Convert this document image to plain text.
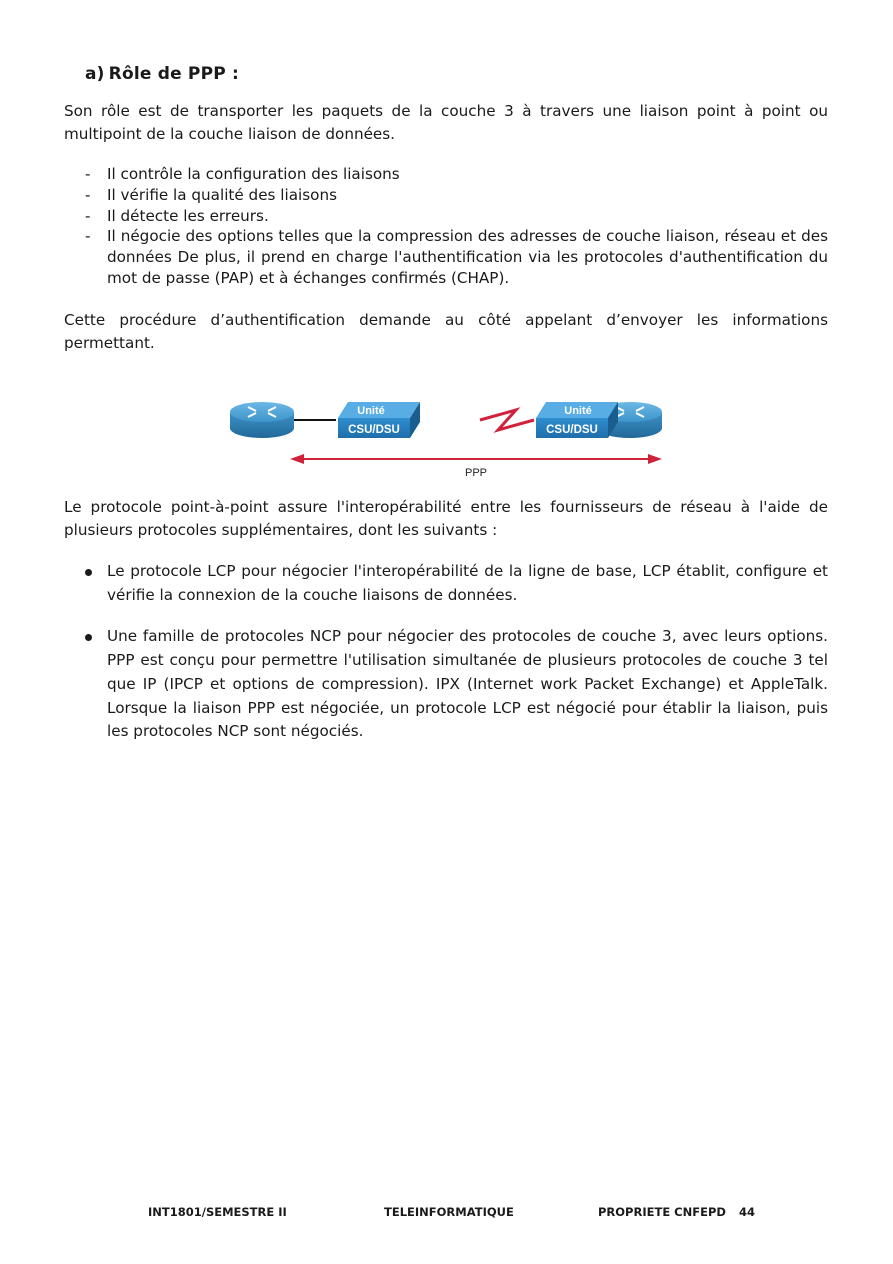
a) Rôle de PPP :
Son rôle est de transporter les paquets de la couche 3 à travers une liaison point à point ou multipoint de la couche liaison de données.
- Il contrôle la configuration des liaisons
- Il vérifie la qualité des liaisons
- Il détecte les erreurs.
- Il négocie des options telles que la compression des adresses de couche liaison, réseau et des données De plus, il prend en charge l'authentification via les protocoles d'authentification du mot de passe (PAP) et à échanges confirmés (CHAP).
Cette procédure d’authentification demande au côté appelant d’envoyer les informations permettant.
Unité
CSU/DSU
Unité
CSU/DSU
PPP
Le protocole point-à-point assure l'interopérabilité entre les fournisseurs de réseau à l'aide de plusieurs protocoles supplémentaires, dont les suivants :
Le protocole LCP pour négocier l'interopérabilité de la ligne de base, LCP établit, configure et vérifie la connexion de la couche liaisons de données.
Une famille de protocoles NCP pour négocier des protocoles de couche 3, avec leurs options. PPP est conçu pour permettre l'utilisation simultanée de plusieurs protocoles de couche 3 tel que IP (IPCP et options de compression). IPX (Internet work Packet Exchange) et AppleTalk. Lorsque la liaison PPP est négociée, un protocole LCP est négocié pour établir la liaison, puis les protocoles NCP sont négociés.
INT1801/SEMESTRE II	TELEINFORMATIQUE	PROPRIETE CNFEPD 44
